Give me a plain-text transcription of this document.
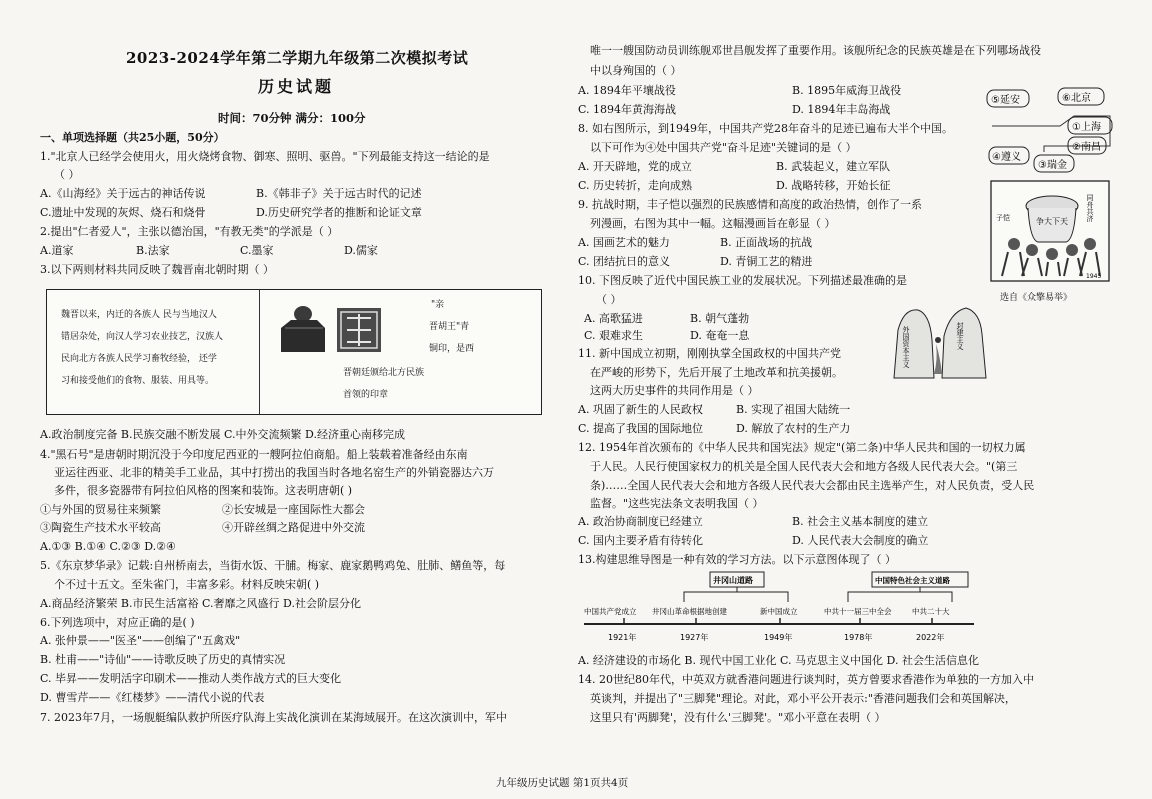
2023-2024学年第二学期九年级第二次模拟考试
历史试题
时间：70分钟 满分：100分
一、单项选择题（共25小题，50分）
1."北京人已经学会使用火，用火烧烤食物、御寒、照明、驱兽。"下列最能支持这一结论的是
（ ）
A.《山海经》关于远古的神话传说	B.《韩非子》关于远古时代的记述
C.遗址中发现的灰烬、烧石和烧骨	D.历史研究学者的推断和论证文章
2.提出"仁者爱人"，主张以德治国，"有教无类"的学派是（ ）
A.道家	B.法家	C.墨家	D.儒家
3.以下两则材料共同反映了魏晋南北朝时期（ ）
魏晋以来，内迁的各族人 民与当地汉人
错居杂处，向汉人学习农业技艺，汉族人
民向北方各族人民学习畜牧经验， 还学
习和接受他们的食物、服装、用具等。
"亲
晋胡王"青
铜印，是西
晋朝廷颁给北方民族
首领的印章
A.政治制度完备 B.民族交融不断发展 C.中外交流频繁 D.经济重心南移完成
4."黑石号"是唐朝时期沉没于今印度尼西亚的一艘阿拉伯商船。船上装载着准备经由东南
亚运往西亚、北非的精美手工业品，其中打捞出的我国当时各地名窑生产的外销瓷器达六万
多件，很多瓷器带有阿拉伯风格的图案和装饰。这表明唐朝( )
①与外国的贸易往来频繁	②长安城是一座国际性大都会
③陶瓷生产技术水平较高	④开辟丝绸之路促进中外交流
A.①③ B.①④ C.②③ D.②④
5.《东京梦华录》记载:自州桥南去，当街水饭、干脯。梅家、鹿家鹅鸭鸡兔、肚肺、鳝鱼等，每
个不过十五文。至朱雀门，丰富多彩。材料反映宋朝( )
A.商品经济繁荣 B.市民生活富裕 C.奢靡之风盛行 D.社会阶层分化
6.下列选项中，对应正确的是( )
A. 张仲景——"医圣"——创编了"五禽戏"
B. 杜甫——"诗仙"——诗歌反映了历史的真情实况
C. 毕昇——发明活字印刷术——推动人类作战方式的巨大变化
D. 曹雪芹——《红楼梦》——清代小说的代表
7. 2023年7月，一场舰艇编队救护所医疗队海上实战化演训在某海域展开。在这次演训中，军中
唯一一艘国防动员训练舰邓世昌舰发挥了重要作用。该舰所纪念的民族英雄是在下列哪场战役
中以身殉国的（ ）
A. 1894年平壤战役	B. 1895年威海卫战役
C. 1894年黄海海战	D. 1894年丰岛海战
8. 如右图所示，到1949年，中国共产党28年奋斗的足迹已遍布大半个中国。
以下可作为④处中国共产党"奋斗足迹"关键词的是（ ）
A. 开天辟地，党的成立	B. 武装起义，建立军队
C. 历史转折，走向成熟	D. 战略转移，开始长征
⑤延安	⑥北京
①上海
②南昌
④遵义
③瑞金
9. 抗战时期，丰子恺以强烈的民族感情和高度的政治热情，创作了一系
列漫画，右图为其中一幅。这幅漫画旨在彰显（ ）
A. 国画艺术的魅力	B. 正面战场的抗战
C. 团结抗日的意义	D. 青铜工艺的精进
争大下天	同舟共济
子恺
1945
选自《众擎易举》
10. 下图反映了近代中国民族工业的发展状况。下列描述最准确的是
（ ）
A. 高歌猛进	B. 朝气蓬勃
C. 艰难求生	D. 奄奄一息	外国资本主义	封建主义
11. 新中国成立初期，刚刚执掌全国政权的中国共产党
在严峻的形势下，先后开展了土地改革和抗美援朝。
这两大历史事件的共同作用是（ ）
A. 巩固了新生的人民政权	B. 实现了祖国大陆统一
C. 提高了我国的国际地位	D. 解放了农村的生产力
12. 1954年首次颁布的《中华人民共和国宪法》规定"(第二条)中华人民共和国的一切权力属
于人民。人民行使国家权力的机关是全国人民代表大会和地方各级人民代表大会。"(第三
条)……全国人民代表大会和地方各级人民代表大会都由民主选举产生，对人民负责，受人民
监督。"这些宪法条文表明我国（ ）
A. 政治协商制度已经建立	B. 社会主义基本制度的建立
C. 国内主要矛盾有待转化	D. 人民代表大会制度的确立
13.构建思维导图是一种有效的学习方法。以下示意图体现了（ ）
井冈山道路	中国特色社会主义道路
中国共产党成立 井冈山革命根据地创建	新中国成立	中共十一届三中全会	中共二十大
1921年	1927年	1949年	1978年	2022年
A. 经济建设的市场化 B. 现代中国工业化 C. 马克思主义中国化 D. 社会生活信息化
14. 20世纪80年代，中英双方就香港问题进行谈判时，英方曾要求香港作为单独的一方加入中
英谈判，并提出了"三脚凳"理论。对此，邓小平公开表示:"香港问题我们会和英国解决，
这里只有'两脚凳'，没有什么'三脚凳'。"邓小平意在表明（ ）
九年级历史试题 第1页共4页
